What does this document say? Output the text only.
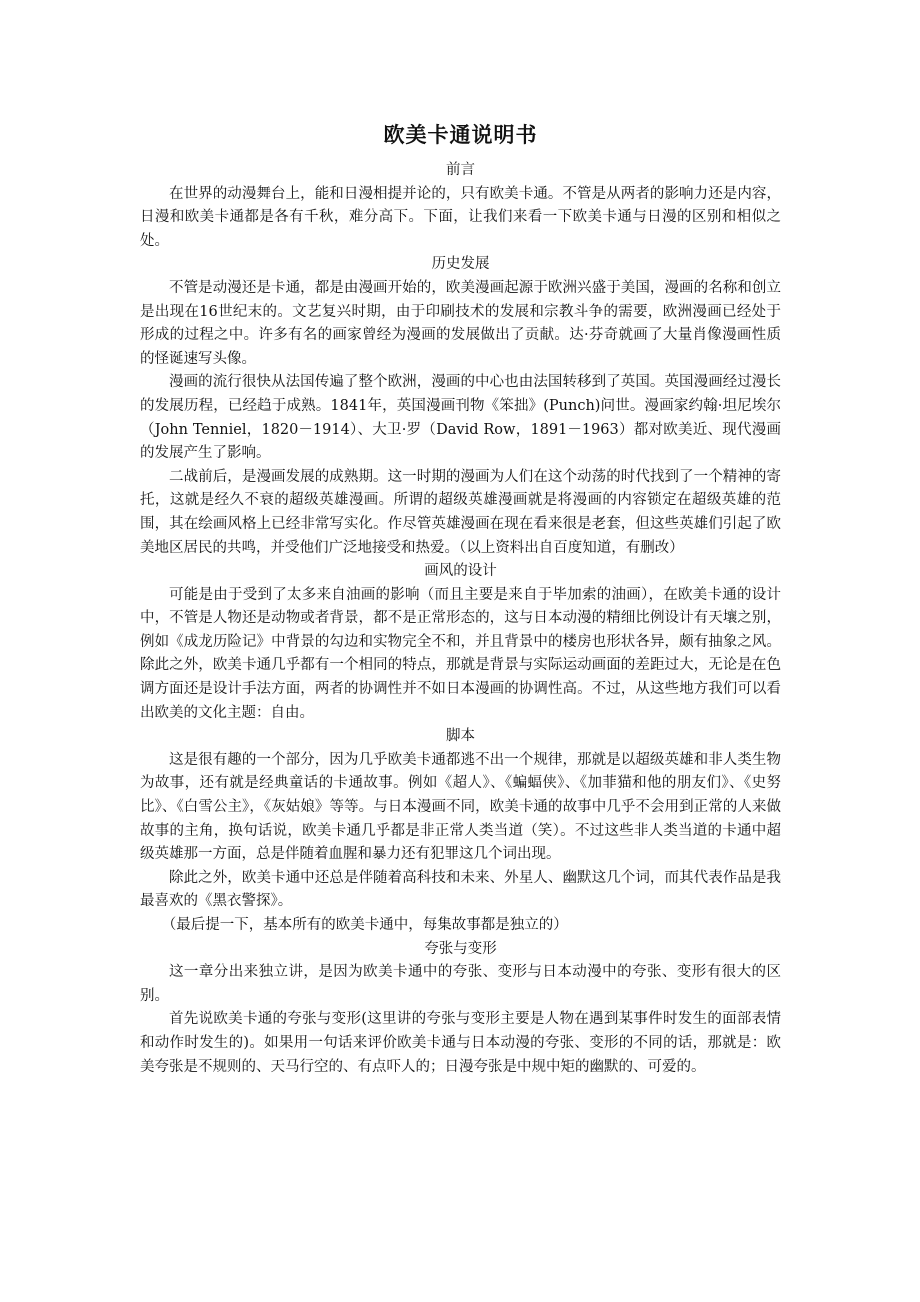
欧美卡通说明书

前言

在世界的动漫舞台上，能和日漫相提并论的，只有欧美卡通。不管是从两者的影响力还是内容，日漫和欧美卡通都是各有千秋，难分高下。下面，让我们来看一下欧美卡通与日漫的区别和相似之处。

历史发展

不管是动漫还是卡通，都是由漫画开始的，欧美漫画起源于欧洲兴盛于美国，漫画的名称和创立是出现在16世纪末的。文艺复兴时期，由于印刷技术的发展和宗教斗争的需要，欧洲漫画已经处于形成的过程之中。许多有名的画家曾经为漫画的发展做出了贡献。达·芬奇就画了大量肖像漫画性质的怪诞速写头像。

漫画的流行很快从法国传遍了整个欧洲，漫画的中心也由法国转移到了英国。英国漫画经过漫长的发展历程，已经趋于成熟。1841年，英国漫画刊物《笨拙》(Punch)问世。漫画家约翰·坦尼埃尔（John Tenniel，1820－1914）、大卫·罗（David Row，1891－1963）都对欧美近、现代漫画的发展产生了影响。

二战前后，是漫画发展的成熟期。这一时期的漫画为人们在这个动荡的时代找到了一个精神的寄托，这就是经久不衰的超级英雄漫画。所谓的超级英雄漫画就是将漫画的内容锁定在超级英雄的范围，其在绘画风格上已经非常写实化。作尽管英雄漫画在现在看来很是老套，但这些英雄们引起了欧美地区居民的共鸣，并受他们广泛地接受和热爱。（以上资料出自百度知道，有删改）

画风的设计

可能是由于受到了太多来自油画的影响（而且主要是来自于毕加索的油画），在欧美卡通的设计中，不管是人物还是动物或者背景，都不是正常形态的，这与日本动漫的精细比例设计有天壤之别，例如《成龙历险记》中背景的勾边和实物完全不和，并且背景中的楼房也形状各异，颇有抽象之风。除此之外，欧美卡通几乎都有一个相同的特点，那就是背景与实际运动画面的差距过大，无论是在色调方面还是设计手法方面，两者的协调性并不如日本漫画的协调性高。不过，从这些地方我们可以看出欧美的文化主题：自由。

脚本

这是很有趣的一个部分，因为几乎欧美卡通都逃不出一个规律，那就是以超级英雄和非人类生物为故事，还有就是经典童话的卡通故事。例如《超人》、《蝙蝠侠》、《加菲猫和他的朋友们》、《史努比》、《白雪公主》，《灰姑娘》等等。与日本漫画不同，欧美卡通的故事中几乎不会用到正常的人来做故事的主角，换句话说，欧美卡通几乎都是非正常人类当道（笑）。不过这些非人类当道的卡通中超级英雄那一方面，总是伴随着血腥和暴力还有犯罪这几个词出现。

除此之外，欧美卡通中还总是伴随着高科技和未来、外星人、幽默这几个词，而其代表作品是我最喜欢的《黑衣警探》。

（最后提一下，基本所有的欧美卡通中，每集故事都是独立的）

夸张与变形

这一章分出来独立讲，是因为欧美卡通中的夸张、变形与日本动漫中的夸张、变形有很大的区别。

首先说欧美卡通的夸张与变形(这里讲的夸张与变形主要是人物在遇到某事件时发生的面部表情和动作时发生的)。如果用一句话来评价欧美卡通与日本动漫的夸张、变形的不同的话，那就是：欧美夸张是不规则的、天马行空的、有点吓人的；日漫夸张是中规中矩的幽默的、可爱的。
